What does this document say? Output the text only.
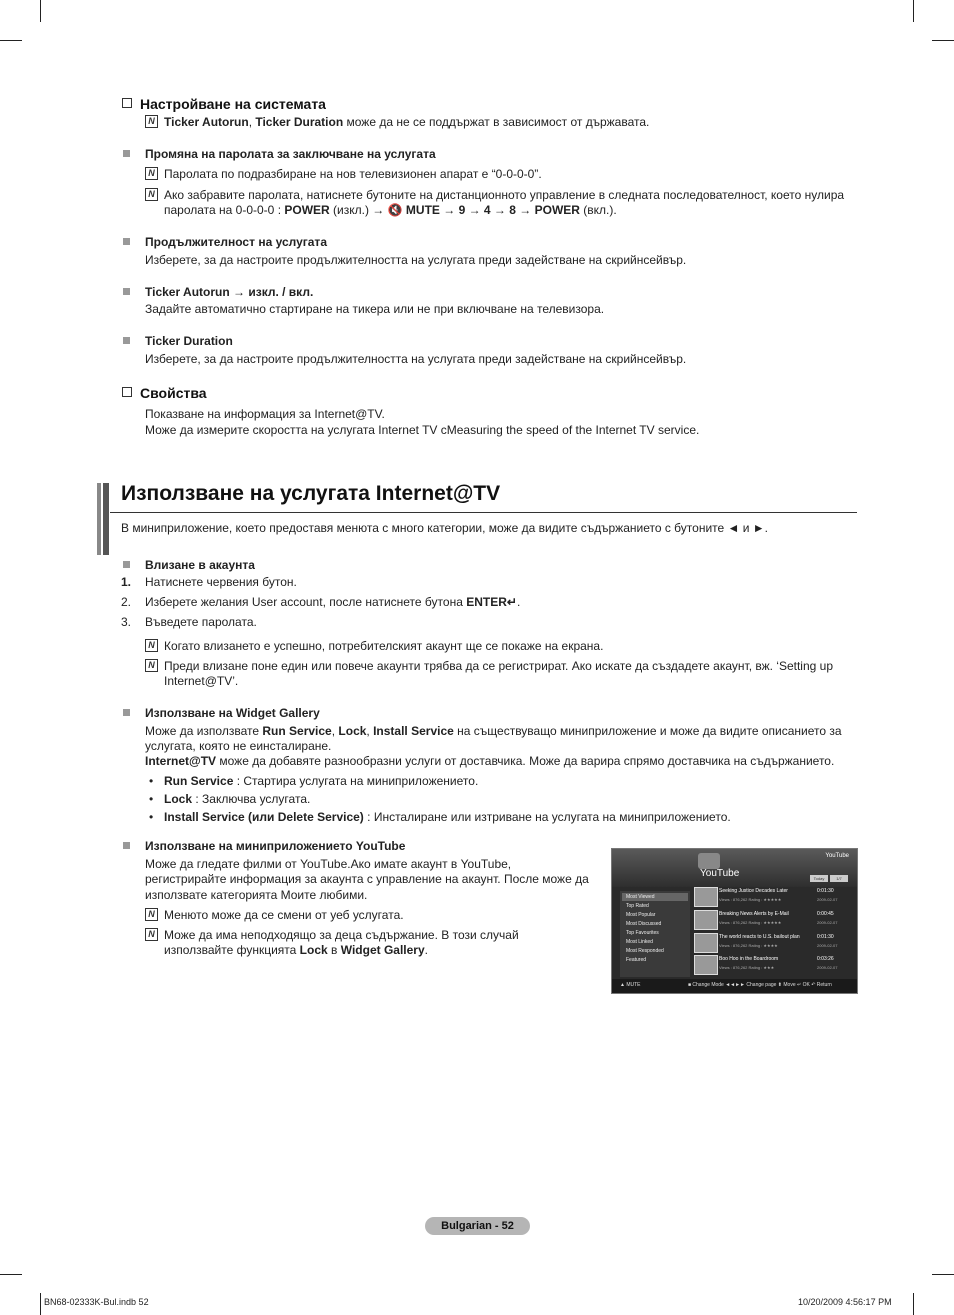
Настройване на системата
N Ticker Autorun, Ticker Duration може да не се поддържат в зависимост от държавата.
Промяна на паролата за заключване на услугата
N Паролата по подразбиране на нов телевизионен апарат е “0-0-0-0”.
N Ако забравите паролата, натиснете бутоните на дистанционното управление в следната последователност, което нулира
паролата на 0-0-0-0 : POWER (изкл.) → 🔇 MUTE → 9 → 4 → 8 → POWER (вкл.).
Продължителност на услугата
Изберете, за да настроите продължителността на услугата преди задействане на скрийнсейвър.
Ticker Autorun → изкл. / вкл.
Задайте автоматично стартиране на тикера или не при включване на телевизора.
Ticker Duration
Изберете, за да настроите продължителността на услугата преди задействане на скрийнсейвър.
Свойства
Показване на информация за Internet@TV.
Може да измерите скоростта на услугата Internet TV cMeasuring the speed of the Internet TV service.
Използване на услугата Internet@TV
В миниприложение, което предоставя менюта с много категории, може да видите съдържанието с бутоните ◄ и ►.
Влизане в акаунта
1. Натиснете червения бутон.
2. Изберете желания User account, после натиснете бутона ENTER↵.
3. Въведете паролата.
N Когато влизането е успешно, потребителският акаунт ще се покаже на екрана.
N Преди влизане поне един или повече акаунти трябва да се регистрират. Ако искате да създадете акаунт, вж. ‘Setting up
Internet@TV’.
Използване на Widget Gallery
Може да използвате Run Service, Lock, Install Service на съществуващо миниприложение и може да видите описанието за
услугата, която не еинсталиране.
Internet@TV може да добавяте разнообразни услуги от доставчика. Може да варира спрямо доставчика на съдържанието.
• Run Service : Стартира услугата на миниприложението.
• Lock : Заключва услугата.
• Install Service (или Delete Service) : Инсталиране или изтриване на услугата на миниприложението.
Използване на миниприложението YouTube
Може да гледате филми от YouTube.Ако имате акаунт в YouTube,
регистрирайте информация за акаунта с управление на акаунт. После може да
използвате категорията Моите любими.
N Менюто може да се смени от уеб услугата.
N Може да има неподходящо за деца съдържание. В този случай
използвайте функцията Lock в Widget Gallery.
YouTube
YouTube
Today	1/7
Most Viewed
Top Rated
Most Popular
Most Discussed
Top Favourites
Most Linked
Most Responded
Featured
Seeking Justice Decades Later	0:01:30
Views : 876,262 Rating : ★★★★★	2009-02-07
Breaking News Alerts by E-Mail	0:00:45
Views : 876,262 Rating : ★★★★★	2009-02-07
The world reacts to U.S. bailout plan	0:01:30
Views : 876,262 Rating : ★★★★	2009-02-07
Boo Hoo in the Boardroom	0:03:26
Views : 876,262 Rating : ★★★	2009-02-07
▲ MUTE	■ Change Mode ◄◄►► Change page ⬍ Move ↵ OK ↶ Return
Bulgarian - 52
BN68-02333K-Bul.indb 52	10/20/2009 4:56:17 PM
